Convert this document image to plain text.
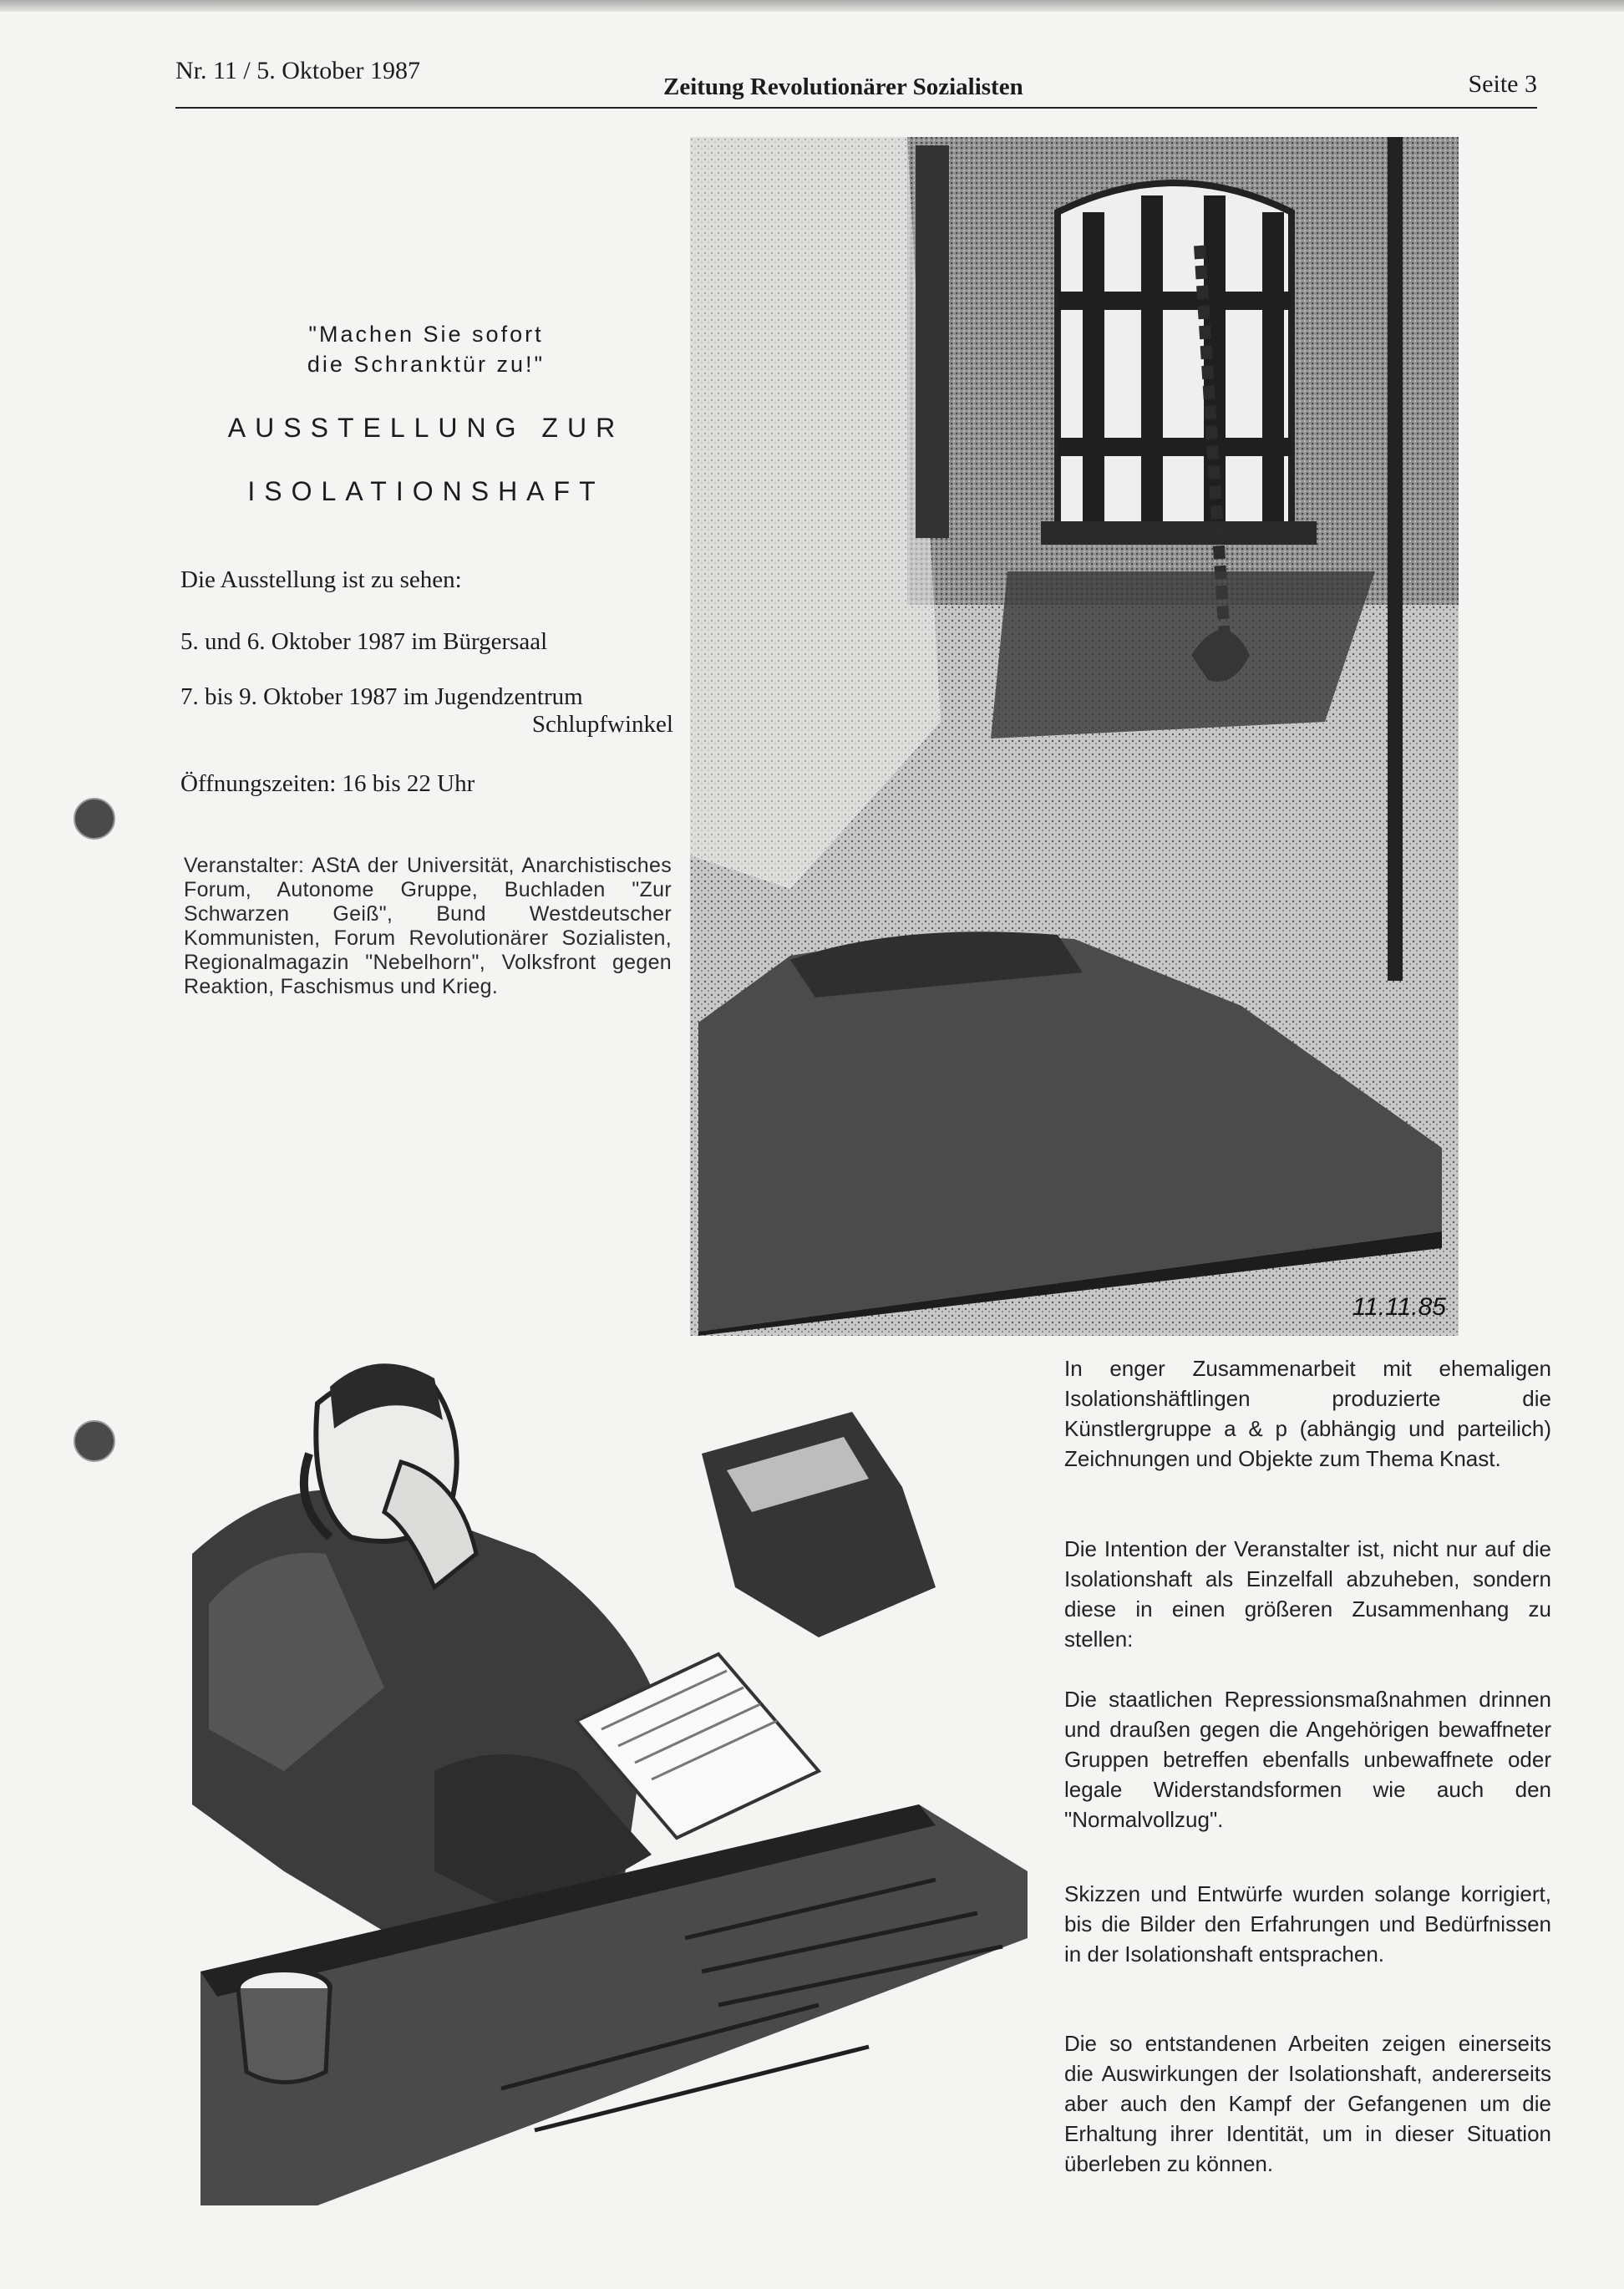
Nr. 11 / 5. Oktober 1987
Zeitung Revolutionärer Sozialisten	Seite 3
"Machen Sie sofort
die Schranktür zu!"
AUSSTELLUNG ZUR
ISOLATIONSHAFT
Die Ausstellung ist zu sehen:
5. und 6. Oktober 1987 im Bürgersaal
7. bis 9. Oktober 1987 im Jugendzentrum
Schlupfwinkel
Öffnungszeiten: 16 bis 22 Uhr
Veranstalter: AStA der Universität, Anarchistisches Forum, Autonome Gruppe, Buchladen "Zur Schwarzen Geiß", Bund Westdeutscher Kommunisten, Forum Revolutionärer Sozialisten, Regionalmagazin "Nebelhorn", Volksfront gegen Reaktion, Faschismus und Krieg.
11.11.85

In enger Zusammenarbeit mit ehemaligen Isolationshäftlingen produzierte die Künstlergruppe a & p (abhängig und parteilich) Zeichnungen und Objekte zum Thema Knast.

Die Intention der Veranstalter ist, nicht nur auf die Isolationshaft als Einzelfall abzuheben, sondern diese in einen größeren Zusammenhang zu stellen:

Die staatlichen Repressionsmaßnahmen drinnen und draußen gegen die Angehörigen bewaffneter Gruppen betreffen ebenfalls unbewaffnete oder legale Widerstandsformen wie auch den "Normalvollzug".

Skizzen und Entwürfe wurden solange korrigiert, bis die Bilder den Erfahrungen und Bedürfnissen in der Isolationshaft entsprachen.

Die so entstandenen Arbeiten zeigen einerseits die Auswirkungen der Isolationshaft, andererseits aber auch den Kampf der Gefangenen um die Erhaltung ihrer Identität, um in dieser Situation überleben zu können.
